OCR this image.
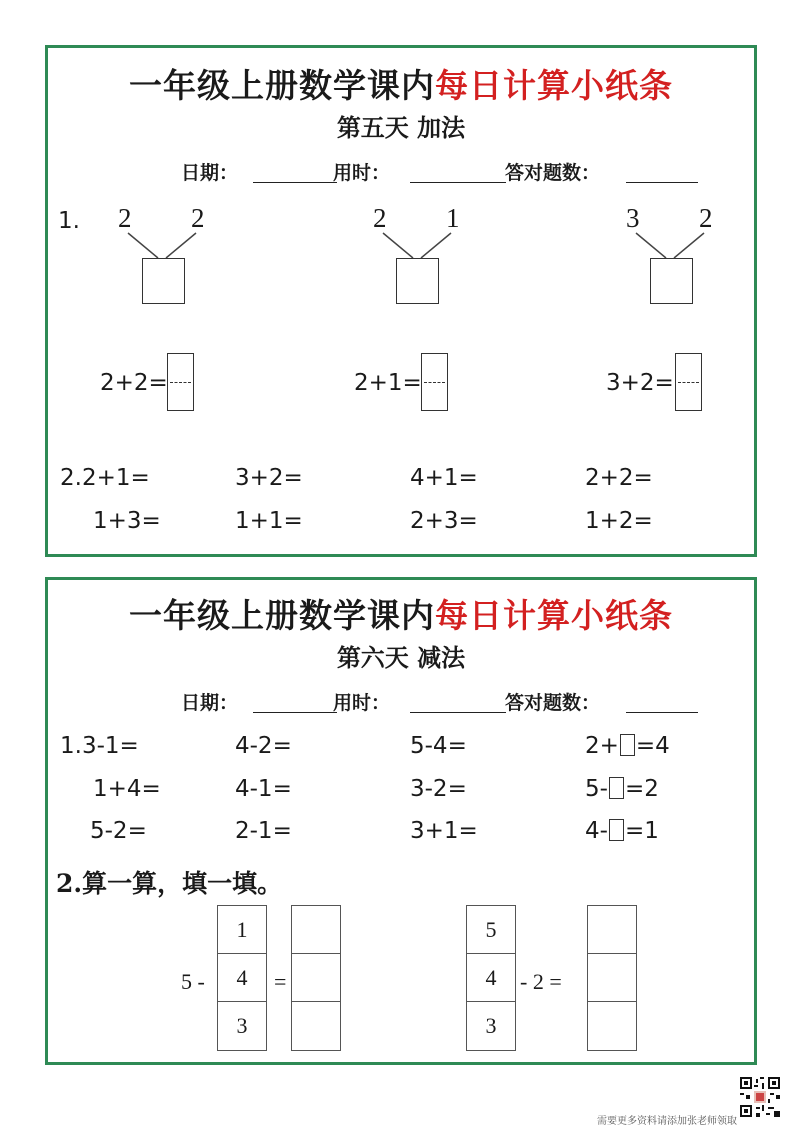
一年级上册数学课内每日计算小纸条
第五天 加法
日期：	用时：	答对题数：
1. 2 2	2 1	3 2
2+2=	2+1=	3+2=
2.2+1=	3+2=	4+1=	2+2=
1+3=	1+1=	2+3=	1+2=
一年级上册数学课内每日计算小纸条
第六天 减法
日期：	用时：	答对题数：
1.3-1=	4-2=	5-4=	2+ =4
1+4=	4-1=	3-2=	5- =2
5-2=	2-1=	3+1=	4- =1
2.算一算，填一填。
5 -
1
4
3
=
5
4
3
- 2 =
需要更多资料请添加张老师领取
